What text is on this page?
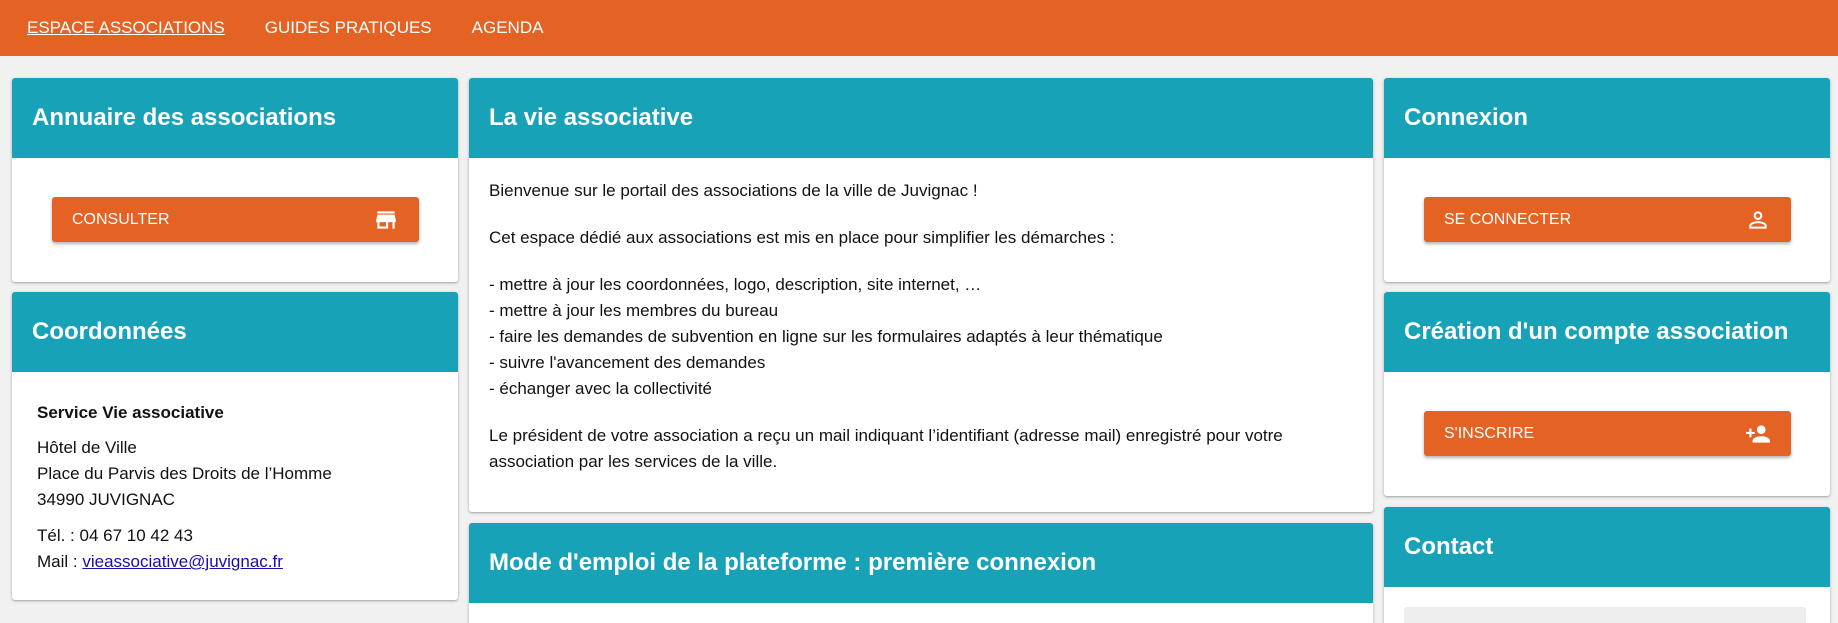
ESPACE ASSOCIATIONS GUIDES PRATIQUES AGENDA
Annuaire des associations
CONSULTER
Coordonnées
Service Vie associative
Hôtel de Ville
Place du Parvis des Droits de l’Homme
34990 JUVIGNAC
Tél. : 04 67 10 42 43
Mail : vieassociative@juvignac.fr
La vie associative

Bienvenue sur le portail des associations de la ville de Juvignac !

Cet espace dédié aux associations est mis en place pour simplifier les démarches :

- mettre à jour les coordonnées, logo, description, site internet, …
- mettre à jour les membres du bureau
- faire les demandes de subvention en ligne sur les formulaires adaptés à leur thématique
- suivre l'avancement des demandes
- échanger avec la collectivité
Le président de votre association a reçu un mail indiquant l’identifiant (adresse mail) enregistré pour votre
association par les services de la ville.
Mode d'emploi de la plateforme : première connexion
Connexion
SE CONNECTER
Création d'un compte association
S'INSCRIRE
Contact
